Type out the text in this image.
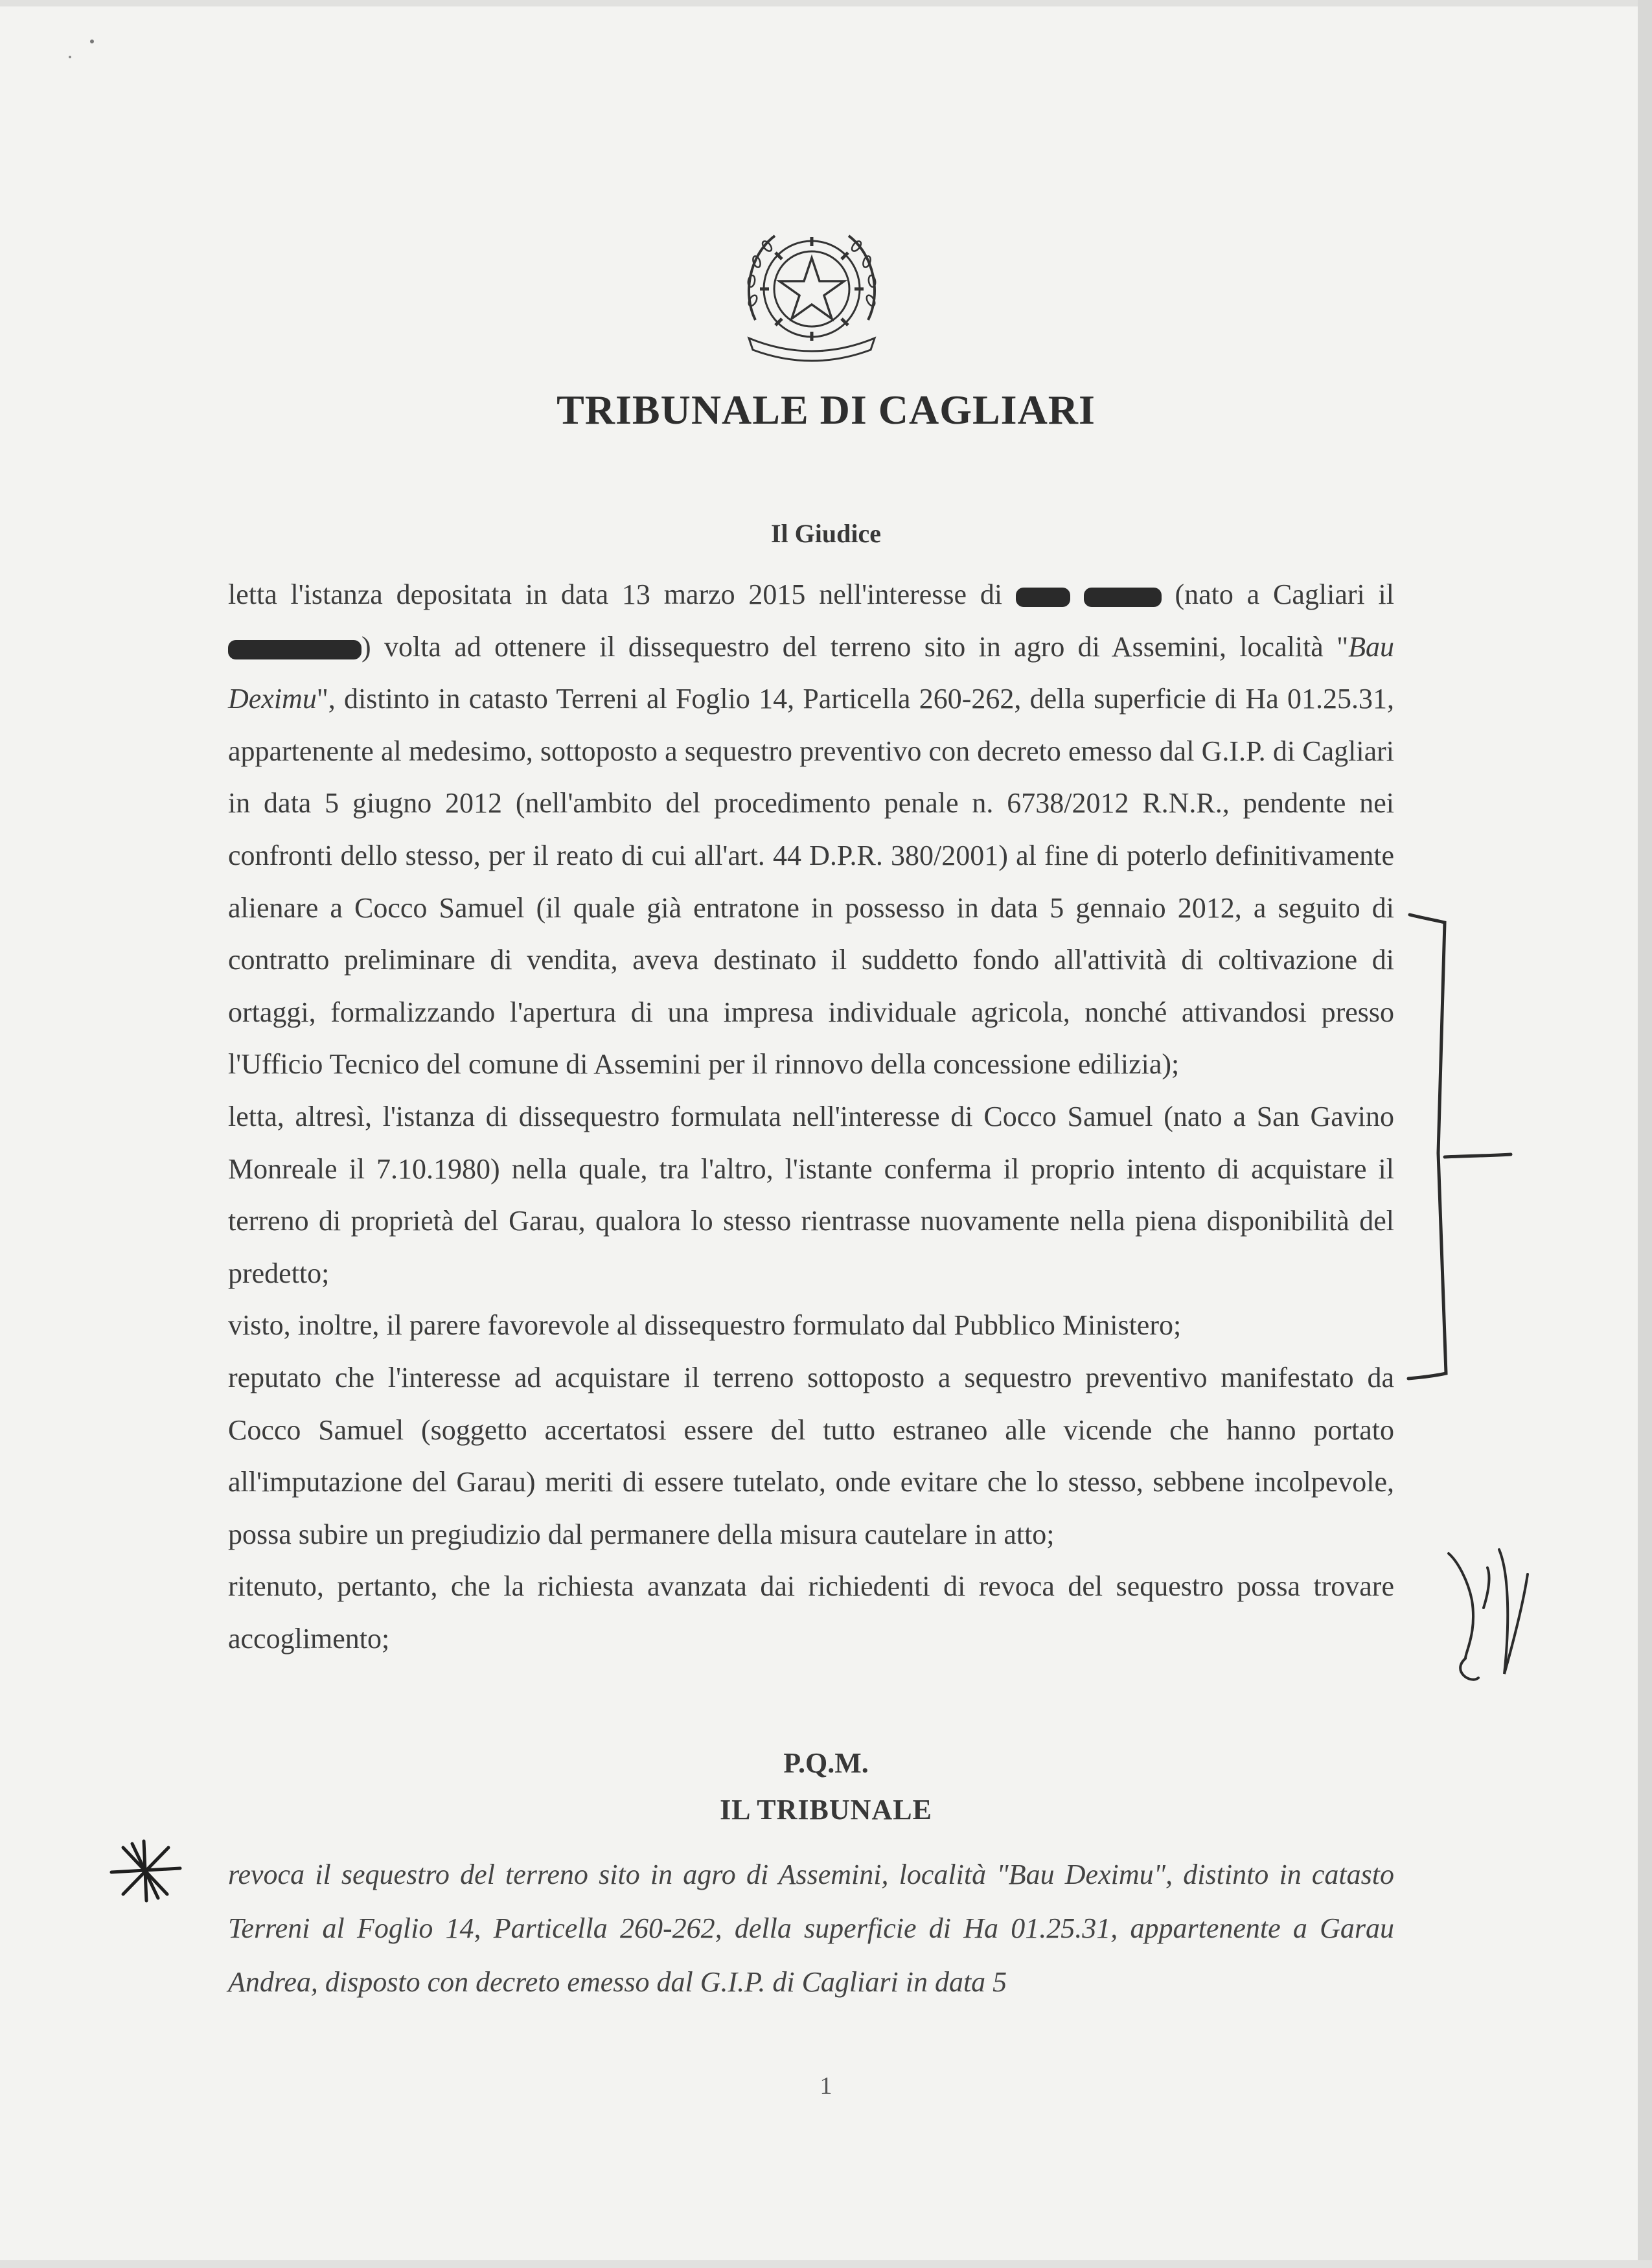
TRIBUNALE DI CAGLIARI
Il Giudice

letta l'istanza depositata in data 13 marzo 2015 nell'interesse di	(nato a Cagliari il ) volta ad ottenere il dissequestro del terreno sito in agro di Assemini, località "Bau Deximu", distinto in catasto Terreni al Foglio 14, Particella 260-262, della superficie di Ha 01.25.31, appartenente al medesimo, sottoposto a sequestro preventivo con decreto emesso dal G.I.P. di Cagliari in data 5 giugno 2012 (nell'ambito del procedimento penale n. 6738/2012 R.N.R., pendente nei confronti dello stesso, per il reato di cui all'art. 44 D.P.R. 380/2001) al fine di poterlo definitivamente alienare a Cocco Samuel (il quale già entratone in possesso in data 5 gennaio 2012, a seguito di contratto preliminare di vendita, aveva destinato il suddetto fondo all'attività di coltivazione di ortaggi, formalizzando l'apertura di una impresa individuale agricola, nonché attivandosi presso l'Ufficio Tecnico del comune di Assemini per il rinnovo della concessione edilizia);

letta, altresì, l'istanza di dissequestro formulata nell'interesse di Cocco Samuel (nato a San Gavino Monreale il 7.10.1980) nella quale, tra l'altro, l'istante conferma il proprio intento di acquistare il terreno di proprietà del Garau, qualora lo stesso rientrasse nuovamente nella piena disponibilità del predetto;

visto, inoltre, il parere favorevole al dissequestro formulato dal Pubblico Ministero;

reputato che l'interesse ad acquistare il terreno sottoposto a sequestro preventivo manifestato da Cocco Samuel (soggetto accertatosi essere del tutto estraneo alle vicende che hanno portato all'imputazione del Garau) meriti di essere tutelato, onde evitare che lo stesso, sebbene incolpevole, possa subire un pregiudizio dal permanere della misura cautelare in atto;

ritenuto, pertanto, che la richiesta avanzata dai richiedenti di revoca del sequestro possa trovare accoglimento;

P.Q.M.
IL TRIBUNALE
revoca il sequestro del terreno sito in agro di Assemini, località "Bau Deximu", distinto in catasto Terreni al Foglio 14, Particella 260-262, della superficie di Ha 01.25.31, appartenente a Garau Andrea, disposto con decreto emesso dal G.I.P. di Cagliari in data 5
1
